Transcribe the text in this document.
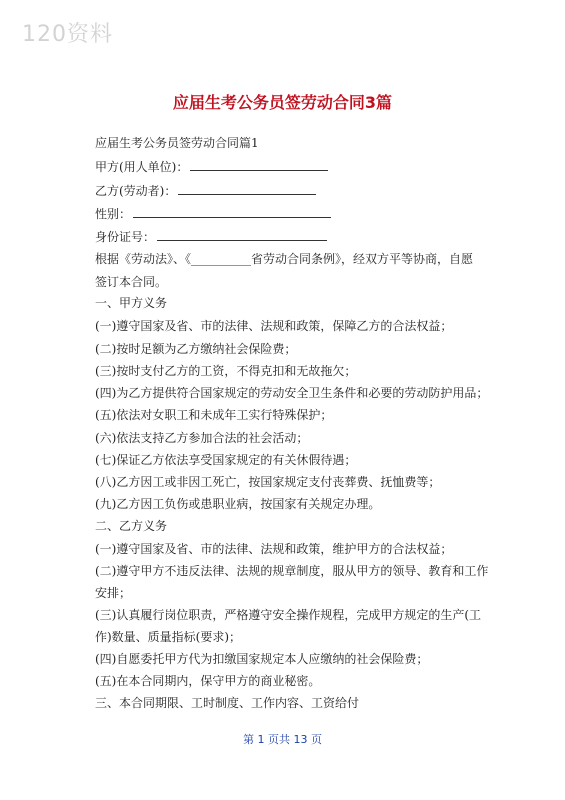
120资料
应届生考公务员签劳动合同3篇
应届生考公务员签劳动合同篇1
甲方(用人单位)：
乙方(劳动者)：
性别：
身份证号：
根据《劳动法》、《__________省劳动合同条例》，经双方平等协商，自愿
签订本合同。
一、甲方义务
(一)遵守国家及省、市的法律、法规和政策，保障乙方的合法权益；
(二)按时足额为乙方缴纳社会保险费；
(三)按时支付乙方的工资，不得克扣和无故拖欠；
(四)为乙方提供符合国家规定的劳动安全卫生条件和必要的劳动防护用品；
(五)依法对女职工和未成年工实行特殊保护；
(六)依法支持乙方参加合法的社会活动；
(七)保证乙方依法享受国家规定的有关休假待遇；
(八)乙方因工或非因工死亡，按国家规定支付丧葬费、抚恤费等；
(九)乙方因工负伤或患职业病，按国家有关规定办理。
二、乙方义务
(一)遵守国家及省、市的法律、法规和政策，维护甲方的合法权益；
(二)遵守甲方不违反法律、法规的规章制度，服从甲方的领导、教育和工作
安排；
(三)认真履行岗位职责，严格遵守安全操作规程，完成甲方规定的生产(工
作)数量、质量指标(要求)；
(四)自愿委托甲方代为扣缴国家规定本人应缴纳的社会保险费；
(五)在本合同期内，保守甲方的商业秘密。
三、本合同期限、工时制度、工作内容、工资给付
第 1 页共 13 页
